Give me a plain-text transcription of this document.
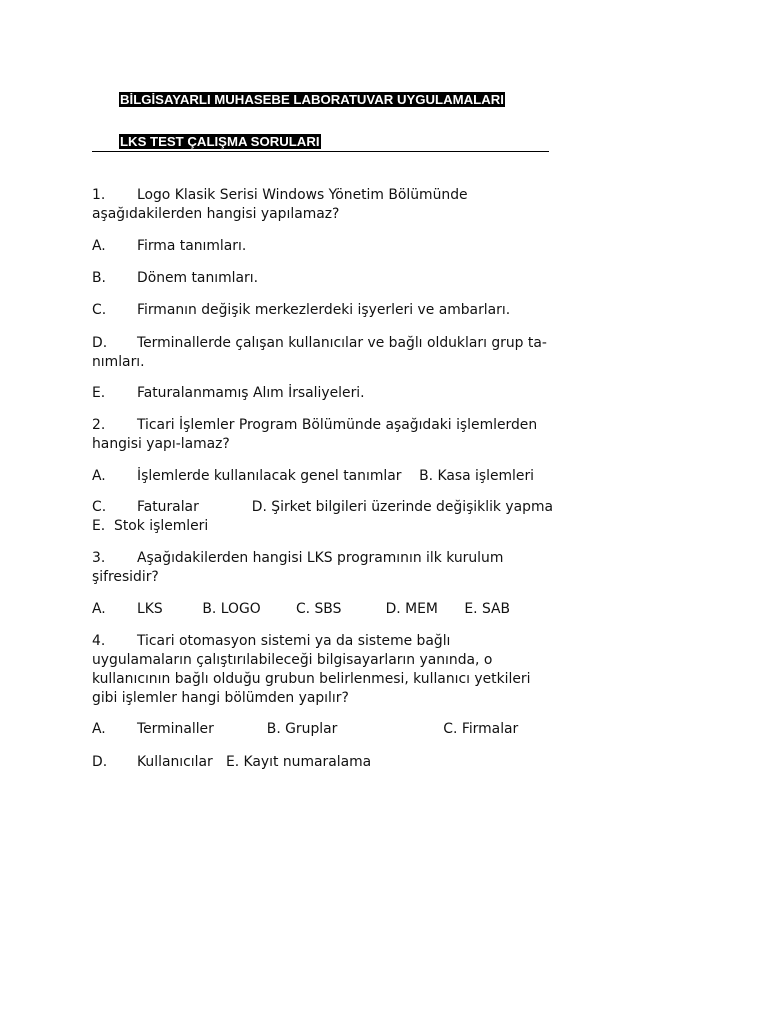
BİLGİSAYARLI MUHASEBE LABORATUVAR UYGULAMALARI
LKS TEST ÇALIŞMA SORULARI
1. Logo Klasik Serisi Windows Yönetim Bölümünde aşağıdakilerden hangisi yapılamaz?
A. Firma tanımları.
B. Dönem tanımları.
C. Firmanın değişik merkezlerdeki işyerleri ve ambarları.
D. Terminallerde çalışan kullanıcılar ve bağlı oldukları grup ta-nımları.
E. Faturalanmamış Alım İrsaliyeleri.
2. Ticari İşlemler Program Bölümünde aşağıdaki işlemlerden hangisi yapı-lamaz?
A. İşlemlerde kullanılacak genel tanımlar    B. Kasa işlemleri
C. Faturalar            D. Şirket bilgileri üzerinde değişiklik yapma    E.  Stok işlemleri
3. Aşağıdakilerden hangisi LKS programının ilk kurulum şifresidir?
A. LKS         B. LOGO        C. SBS          D. MEM      E. SAB
4. Ticari otomasyon sistemi ya da sisteme bağlı uygulamaların çalıştırılabileceği bilgisayarların yanında, o kullanıcının bağlı olduğu grubun belirlenmesi, kullanıcı yetkileri gibi işlemler hangi bölümden yapılır?
A. Terminaller            B. Gruplar                        C. Firmalar
D. Kullanıcılar   E. Kayıt numaralama
